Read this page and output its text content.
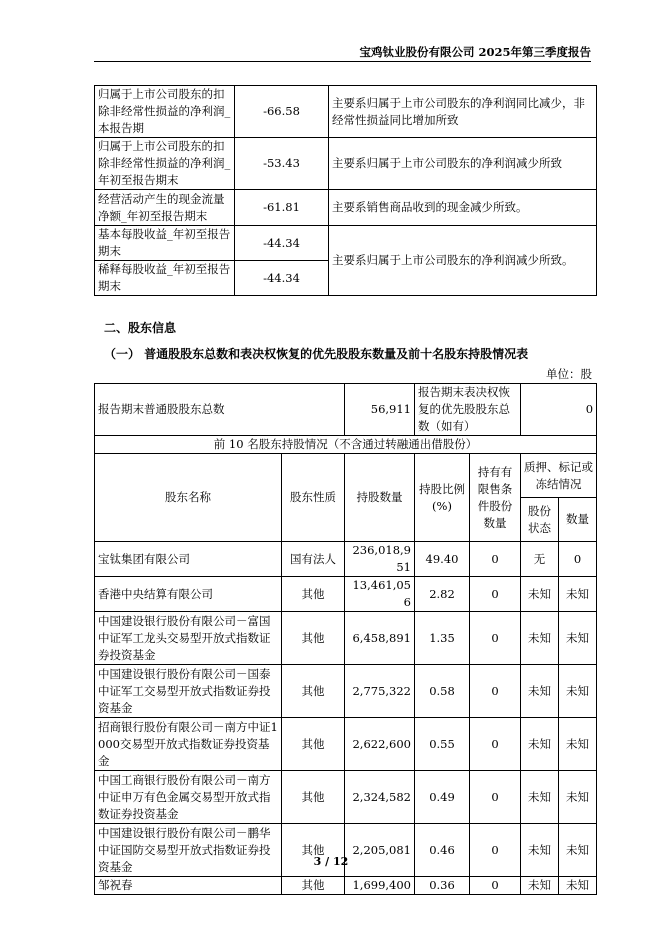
宝鸡钛业股份有限公司 2025年第三季度报告
归属于上市公司股东的扣除非经常性损益的净利润_本报告期	-66.58	主要系归属于上市公司股东的净利润同比减少，非经常性损益同比增加所致
归属于上市公司股东的扣除非经常性损益的净利润_年初至报告期末	-53.43	主要系归属于上市公司股东的净利润减少所致
经营活动产生的现金流量净额_年初至报告期末	-61.81	主要系销售商品收到的现金减少所致。
基本每股收益_年初至报告期末	-44.34	主要系归属于上市公司股东的净利润减少所致。
稀释每股收益_年初至报告期末	-44.34	
二、股东信息
（一） 普通股股东总数和表决权恢复的优先股股东数量及前十名股东持股情况表
单位：股
报告期末普通股股东总数		56,911	报告期末表决权恢复的优先股股东总数（如有）		0	
前 10 名股东持股情况（不含通过转融通出借股份）						
股东名称	股东性质	持股数量	持股比例(%)	持有有限售条件股份数量	质押、标记或冻结情况	
					股份状态	数量
宝钛集团有限公司	国有法人	236,018,951	49.40	0	无	0
香港中央结算有限公司	其他	13,461,056	2.82	0	未知	未知
中国建设银行股份有限公司－富国中证军工龙头交易型开放式指数证券投资基金	其他	6,458,891	1.35	0	未知	未知
中国建设银行股份有限公司－国泰中证军工交易型开放式指数证券投资基金	其他	2,775,322	0.58	0	未知	未知
招商银行股份有限公司－南方中证1000交易型开放式指数证券投资基金	其他	2,622,600	0.55	0	未知	未知
中国工商银行股份有限公司－南方中证申万有色金属交易型开放式指数证券投资基金	其他	2,324,582	0.49	0	未知	未知
中国建设银行股份有限公司－鹏华中证国防交易型开放式指数证券投资基金	其他	2,205,081	0.46	0	未知	未知
邹祝春	其他	1,699,400	0.36	0	未知	未知
3 / 12
